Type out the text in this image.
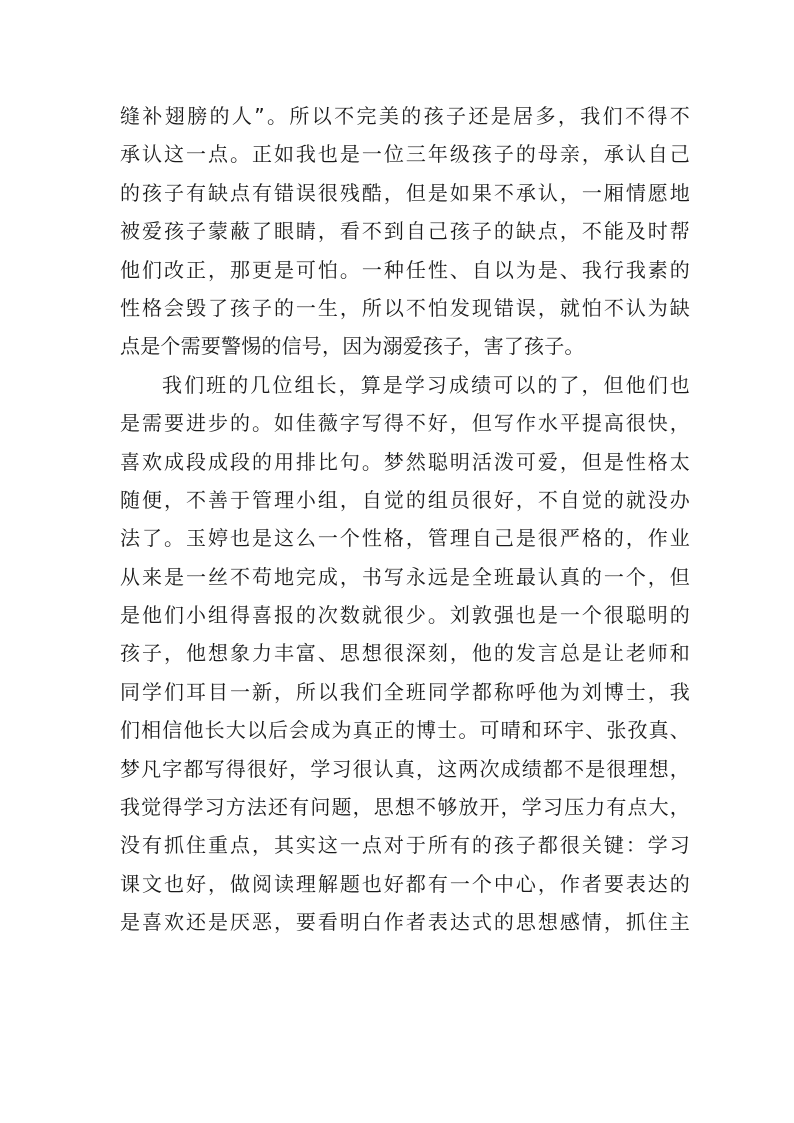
缝补翅膀的人”。所以不完美的孩子还是居多，我们不得不
承认这一点。正如我也是一位三年级孩子的母亲，承认自己
的孩子有缺点有错误很残酷，但是如果不承认，一厢情愿地
被爱孩子蒙蔽了眼睛，看不到自己孩子的缺点，不能及时帮
他们改正，那更是可怕。一种任性、自以为是、我行我素的
性格会毁了孩子的一生，所以不怕发现错误，就怕不认为缺
点是个需要警惕的信号，因为溺爱孩子，害了孩子。
我们班的几位组长，算是学习成绩可以的了，但他们也
是需要进步的。如佳薇字写得不好，但写作水平提高很快，
喜欢成段成段的用排比句。梦然聪明活泼可爱，但是性格太
随便，不善于管理小组，自觉的组员很好，不自觉的就没办
法了。玉婷也是这么一个性格，管理自己是很严格的，作业
从来是一丝不苟地完成，书写永远是全班最认真的一个，但
是他们小组得喜报的次数就很少。刘敦强也是一个很聪明的
孩子，他想象力丰富、思想很深刻，他的发言总是让老师和
同学们耳目一新，所以我们全班同学都称呼他为刘博士，我
们相信他长大以后会成为真正的博士。可晴和环宇、张孜真、
梦凡字都写得很好，学习很认真，这两次成绩都不是很理想，
我觉得学习方法还有问题，思想不够放开，学习压力有点大，
没有抓住重点，其实这一点对于所有的孩子都很关键：学习
课文也好，做阅读理解题也好都有一个中心，作者要表达的
是喜欢还是厌恶，要看明白作者表达式的思想感情，抓住主
